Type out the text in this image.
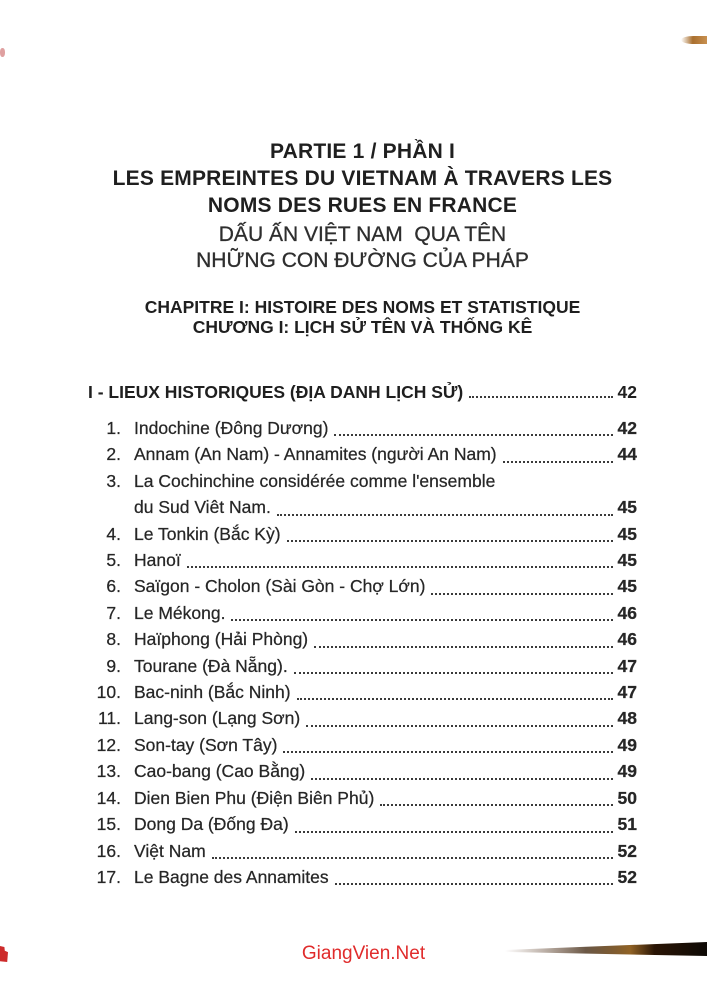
PARTIE 1 / PHẦN I
LES EMPREINTES DU VIETNAM À TRAVERS LES
NOMS DES RUES EN FRANCE
DẤU ẤN VIỆT NAM  QUA TÊN
NHỮNG CON ĐƯỜNG CỦA PHÁP
CHAPITRE I: HISTOIRE DES NOMS ET STATISTIQUE
CHƯƠNG I: LỊCH SỬ TÊN VÀ THỐNG KÊ
I - LIEUX HISTORIQUES (ĐỊA DANH LỊCH SỬ)	42
1. Indochine (Đông Dương)	42
2. Annam (An Nam) - Annamites (người An Nam)	44
3. La Cochinchine considérée comme l'ensemble
du Sud Viêt Nam.	45
4. Le Tonkin (Bắc Kỳ)	45
5. Hanoï	45
6. Saïgon - Cholon (Sài Gòn - Chợ Lớn)	45
7. Le Mékong.	46
8. Haïphong (Hải Phòng)	46
9. Tourane (Đà Nẵng).	47
10. Bac-ninh (Bắc Ninh)	47
11. Lang-son (Lạng Sơn)	48
12. Son-tay (Sơn Tây)	49
13. Cao-bang (Cao Bằng)	49
14. Dien Bien Phu (Điện Biên Phủ)	50
15. Dong Da (Đống Đa)	51
16. Việt Nam	52
17. Le Bagne des Annamites	52
GiangVien.Net
